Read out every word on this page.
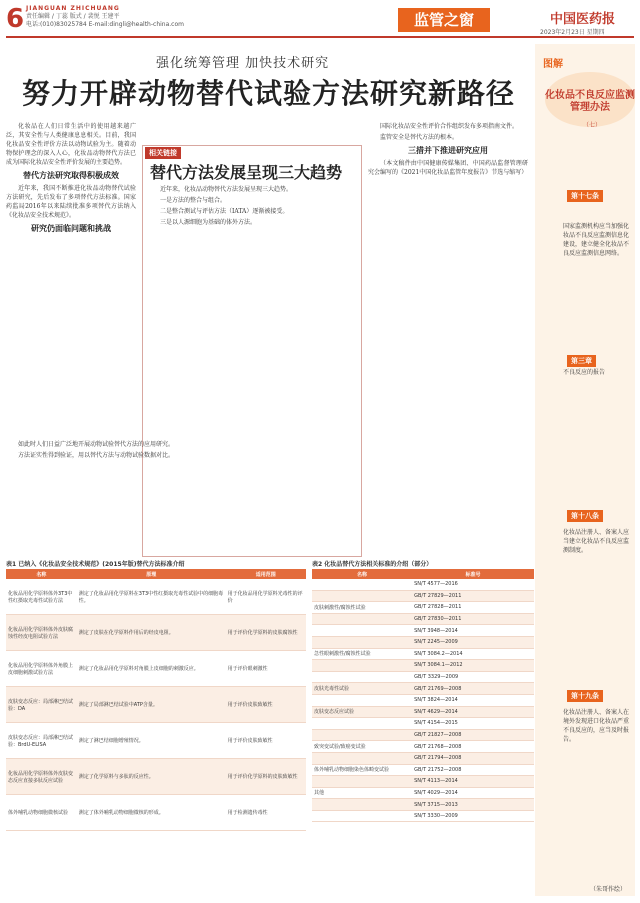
6 JIANGUAN ZHICHUANG
责任编辑 / 丁蕊 版式 / 裴悦 王建平
电话:(010)83025784 E-mail:dingli@health-china.com	监管之窗	中国医药报
2023年2月23日 星期四
强化统筹管理 加快技术研究
努力开辟动物替代试验方法研究新路径

化妆品在人们日常生活中的使用越来越广泛，其安全性与人类健康息息相关。目前，我国化妆品安全性评价方法以动物试验为主。随着动物保护理念的深入人心，化妆品动物替代方法已成为国际化妆品安全性评价发展的主要趋势。

替代方法研究取得积极成效

近年来，我国不断推进化妆品动物替代试验方法研究，先后发布了多项替代方法标准。国家药监局2016年以来陆续批准多项替代方法纳入《化妆品安全技术规范》。

研究仍面临问题和挑战
相关链接
替代方法发展呈现三大趋势

近年来，化妆品动物替代方法发展呈现三大趋势。

一是方法的整合与组合。

二是整合测试与评估方法（IATA）逐渐被接受。

三是以人源细胞为基础的体外方法。

国际化妆品安全性评价合作组织发布多项指南文件。

监管安全是替代方法的根本。

三措并下推进研究应用

（本文稿件由中国健康传媒集团、中国药品监督管理研究会编写的《2021中国化妆品监管年度报告》节选与缩写）

如此时人们日益广泛地开展动物试验替代方法的应用研究。

方法证实性得到验证，用以替代方法与动物试验数据对比。

图解
化妆品不良反应监测
管理办法
（七）
第十七条
国家监测机构应当加强化妆品不良反应监测信息化建设，建立健全化妆品不良反应监测信息网络。
第三章
不良反应的报告
第十八条
化妆品注册人、备案人应当建立化妆品不良反应监测制度。
第十九条
化妆品注册人、备案人在境外发现进口化妆品严重不良反应的，应当及时报告。
（朱哥作绘）
表1 已纳入《化妆品安全技术规范》(2015年版)替代方法标准介绍
名称	原理	适用范围
化妆品用化学原料体外3T3中性红摄取光毒性试验方法	测定了化妆品用化学原料在3T3中性红摄取光毒性试验中的细胞毒性。	用于化妆品用化学原料光毒性的评价
化妆品用化学原料体外皮肤腐蚀性经皮电阻试验方法	测定了皮肤在化学原料作用后的经皮电阻。	用于评价化学原料的皮肤腐蚀性
化妆品用化学原料体外角膜上皮细胞刺激试验方法	测定了化妆品用化学原料对角膜上皮细胞的刺激反应。	用于评价眼刺激性
皮肤变态反应：局部淋巴结试验：DA	测定了局部淋巴结试验中ATP含量。	用于评价皮肤致敏性
皮肤变态反应：局部淋巴结试验：BrdU-ELISA	测定了淋巴结细胞增殖情况。	用于评价皮肤致敏性
化妆品用化学原料体外皮肤变态反应直接多肽反应试验	测定了化学原料与多肽的反应性。	用于评价化学原料的皮肤致敏性
体外哺乳动物细胞微核试验	测定了体外哺乳动物细胞微核的形成。	用于检测遗传毒性
表2 化妆品替代方法相关标准的介绍（部分）
名称	标准号
	SN/T 4577—2016
	GB/T 27829—2011
皮肤刺激性/腐蚀性试验	GB/T 27828—2011
	GB/T 27830—2011
	SN/T 3948—2014
	SN/T 2245—2009
急性眼刺激性/腐蚀性试验	SN/T 3084.2—2014
	SN/T 3084.1—2012
	GB/T 3329—2009
皮肤光毒性试验	GB/T 21769—2008
	SN/T 3824—2014
皮肤变态反应试验	SN/T 4629—2014
	SN/T 4154—2015
	GB/T 21827—2008
致突变试验/致癌变试验	GB/T 21768—2008
	GB/T 21794—2008
体外哺乳动物细胞染色体畸变试验	GB/T 21752—2008
	SN/T 4113—2014
其他	SN/T 4029—2014
	SN/T 3715—2013
	SN/T 3330—2009
